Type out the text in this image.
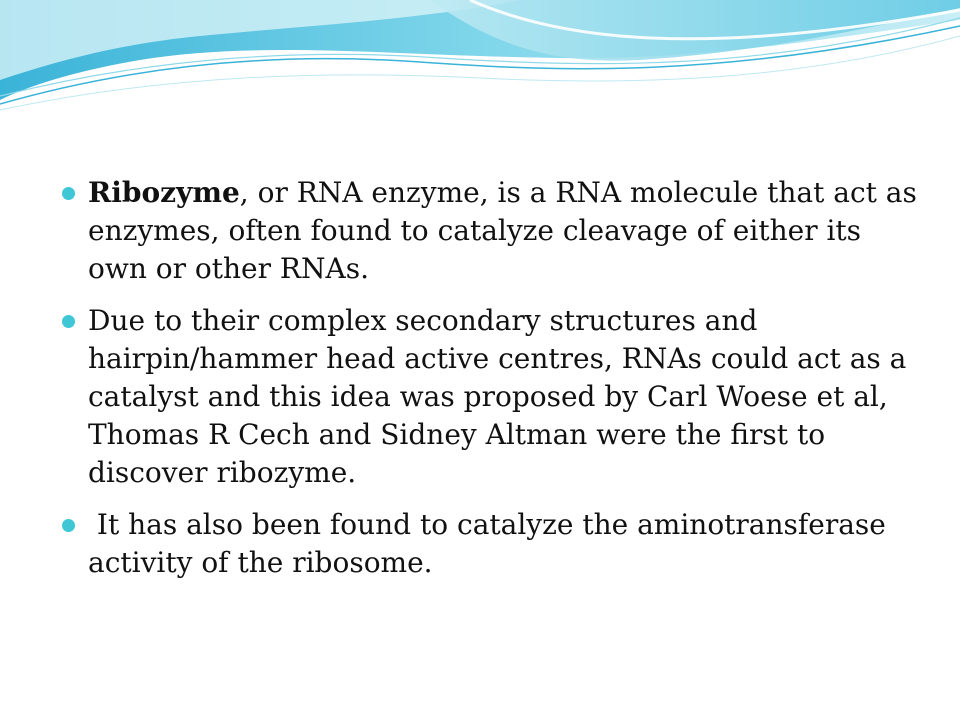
Ribozyme, or RNA enzyme, is a RNA molecule that act as enzymes, often found to catalyze cleavage of either its own or other RNAs.
Due to their complex secondary structures and hairpin/hammer head active centres, RNAs could act as a catalyst and this idea was proposed by Carl Woese et al, Thomas R Cech and Sidney Altman were the first to discover ribozyme.
It has also been found to catalyze the aminotransferase activity of the ribosome.
